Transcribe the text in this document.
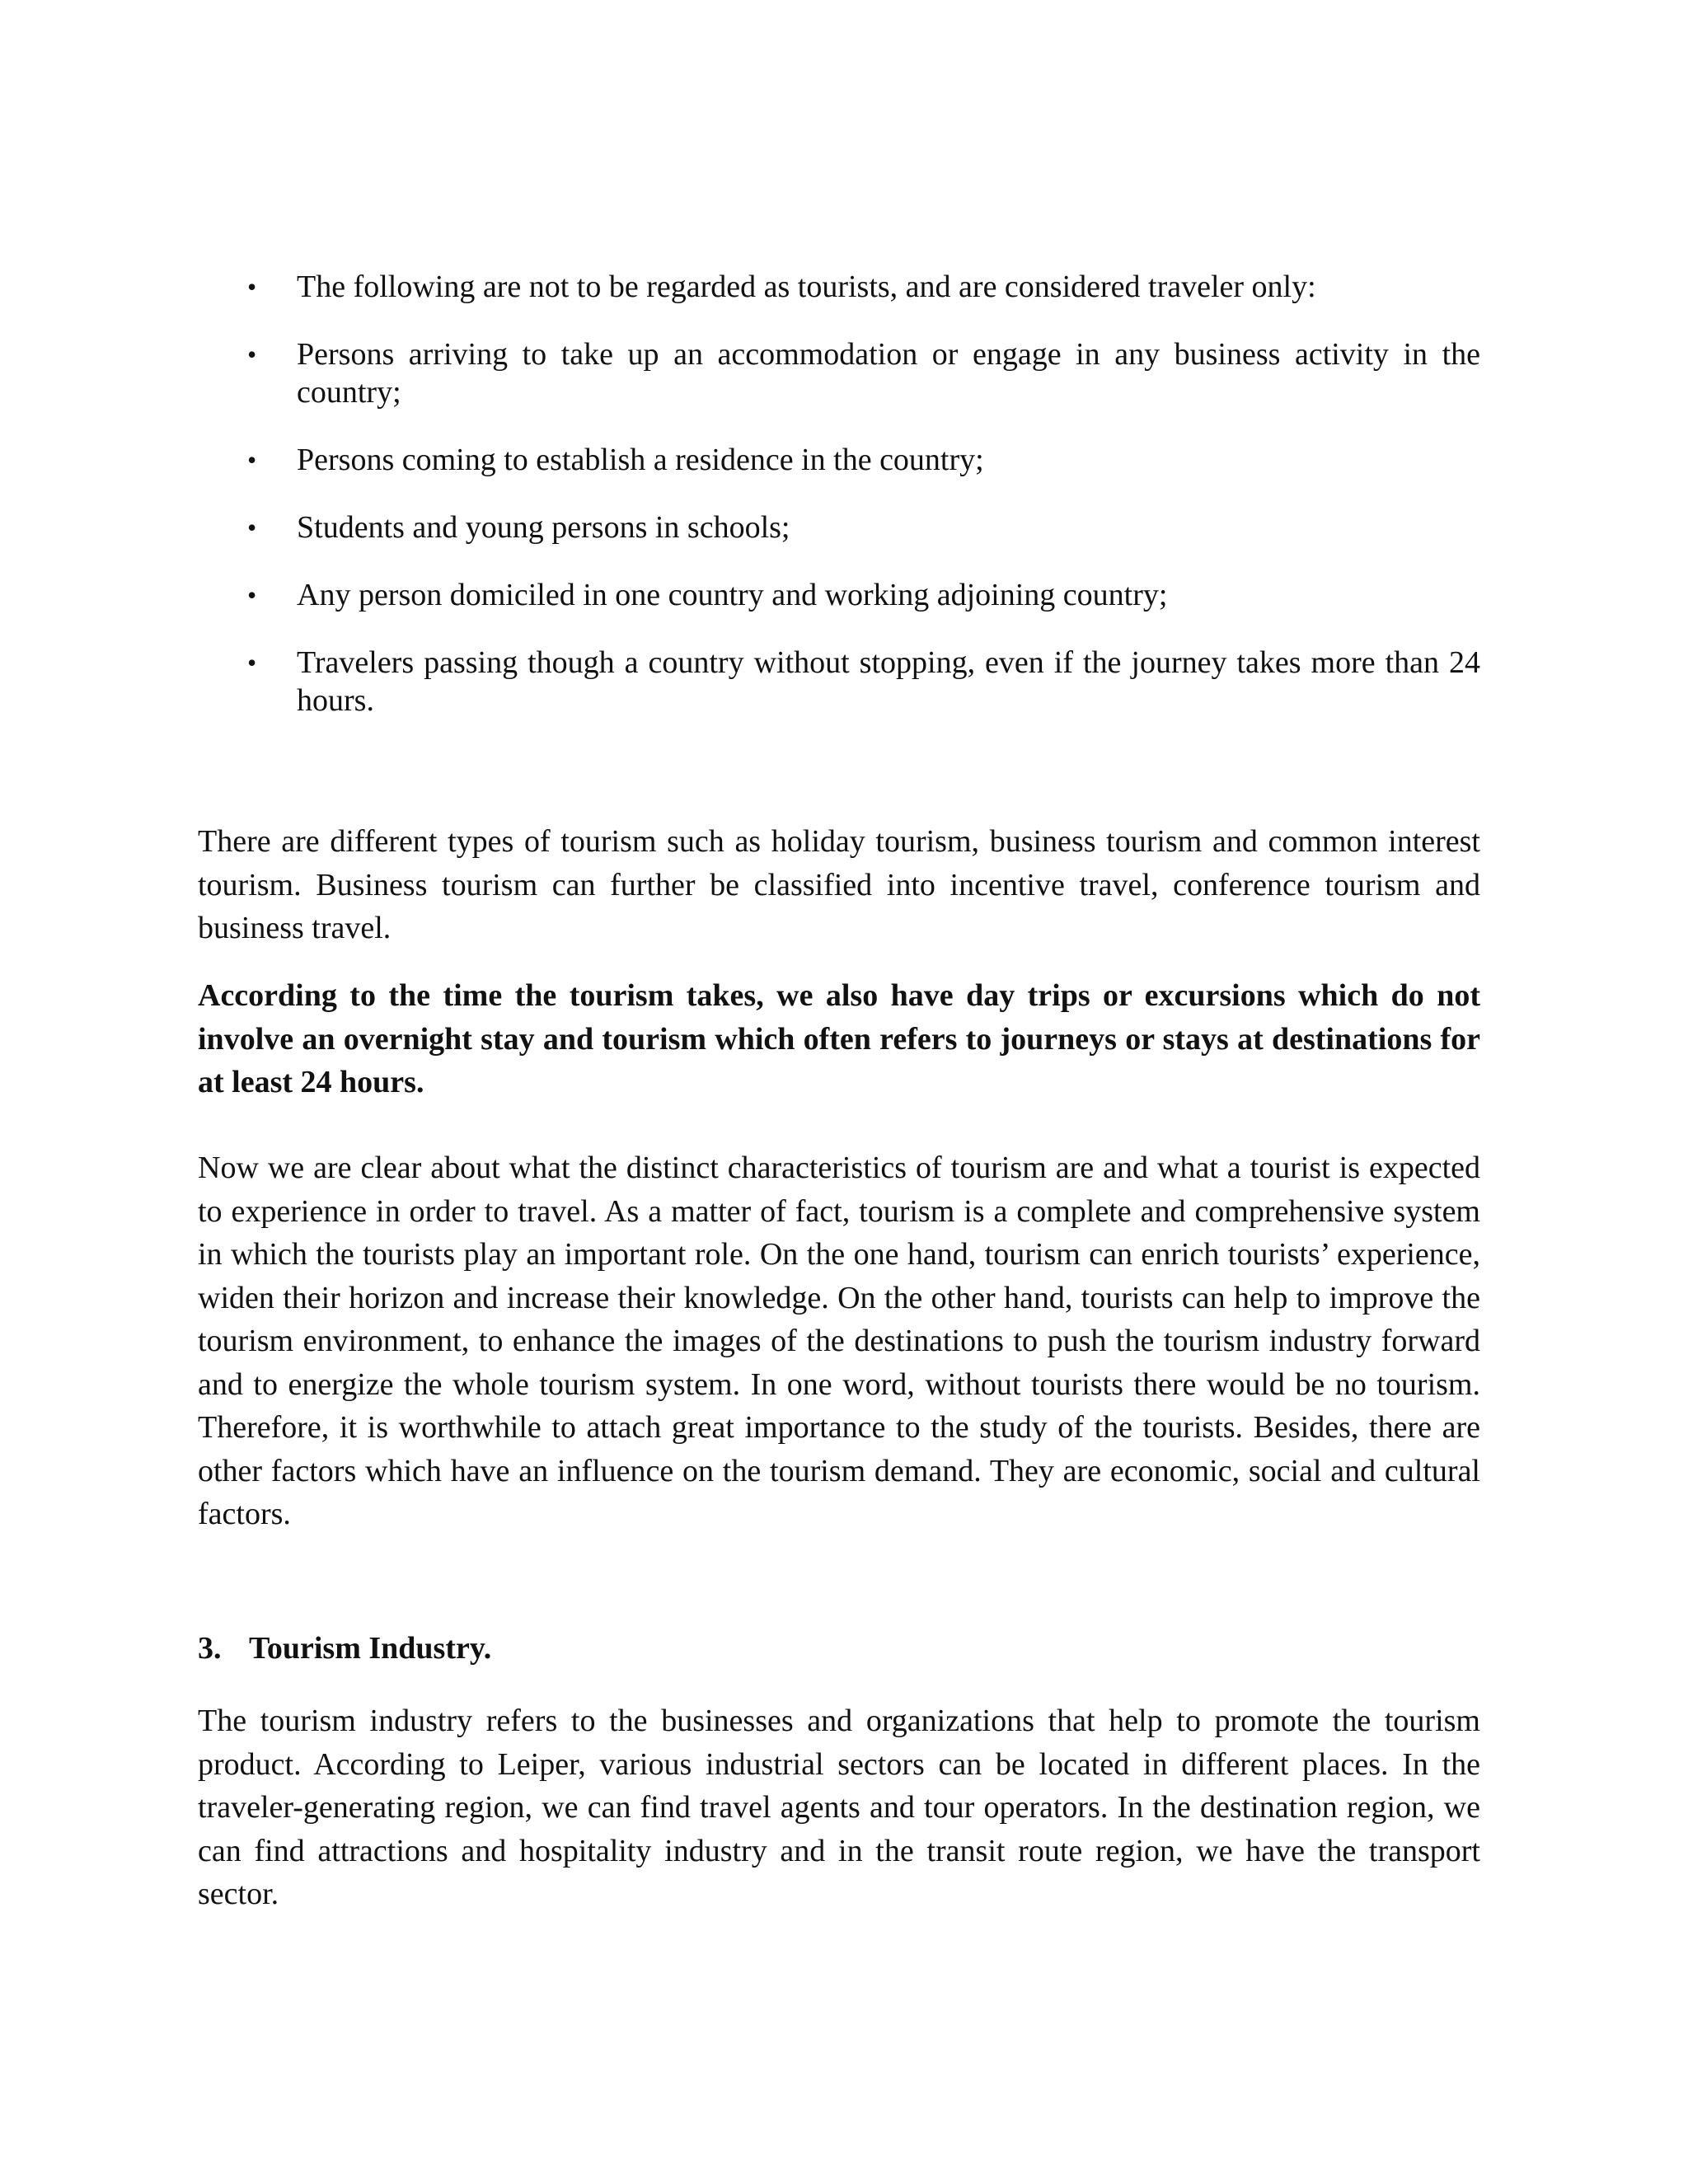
• The following are not to be regarded as tourists, and are considered traveler only:
• Persons arriving to take up an accommodation or engage in any business activity in the country;
• Persons coming to establish a residence in the country;
• Students and young persons in schools;
• Any person domiciled in one country and working adjoining country;
• Travelers passing though a country without stopping, even if the journey takes more than 24 hours.

There are different types of tourism such as holiday tourism, business tourism and common interest tourism. Business tourism can further be classified into incentive travel, conference tourism and business travel.

According to the time the tourism takes, we also have day trips or excursions which do not involve an overnight stay and tourism which often refers to journeys or stays at destinations for at least 24 hours.

Now we are clear about what the distinct characteristics of tourism are and what a tourist is expected to experience in order to travel. As a matter of fact, tourism is a complete and comprehensive system in which the tourists play an important role. On the one hand, tourism can enrich tourists’ experience, widen their horizon and increase their knowledge. On the other hand, tourists can help to improve the tourism environment, to enhance the images of the destinations to push the tourism industry forward and to energize the whole tourism system. In one word, without tourists there would be no tourism. Therefore, it is worthwhile to attach great importance to the study of the tourists. Besides, there are other factors which have an influence on the tourism demand. They are economic, social and cultural factors.

3. Tourism Industry.

The tourism industry refers to the businesses and organizations that help to promote the tourism product. According to Leiper, various industrial sectors can be located in different places. In the traveler-generating region, we can find travel agents and tour operators. In the destination region, we can find attractions and hospitality industry and in the transit route region, we have the transport sector.
